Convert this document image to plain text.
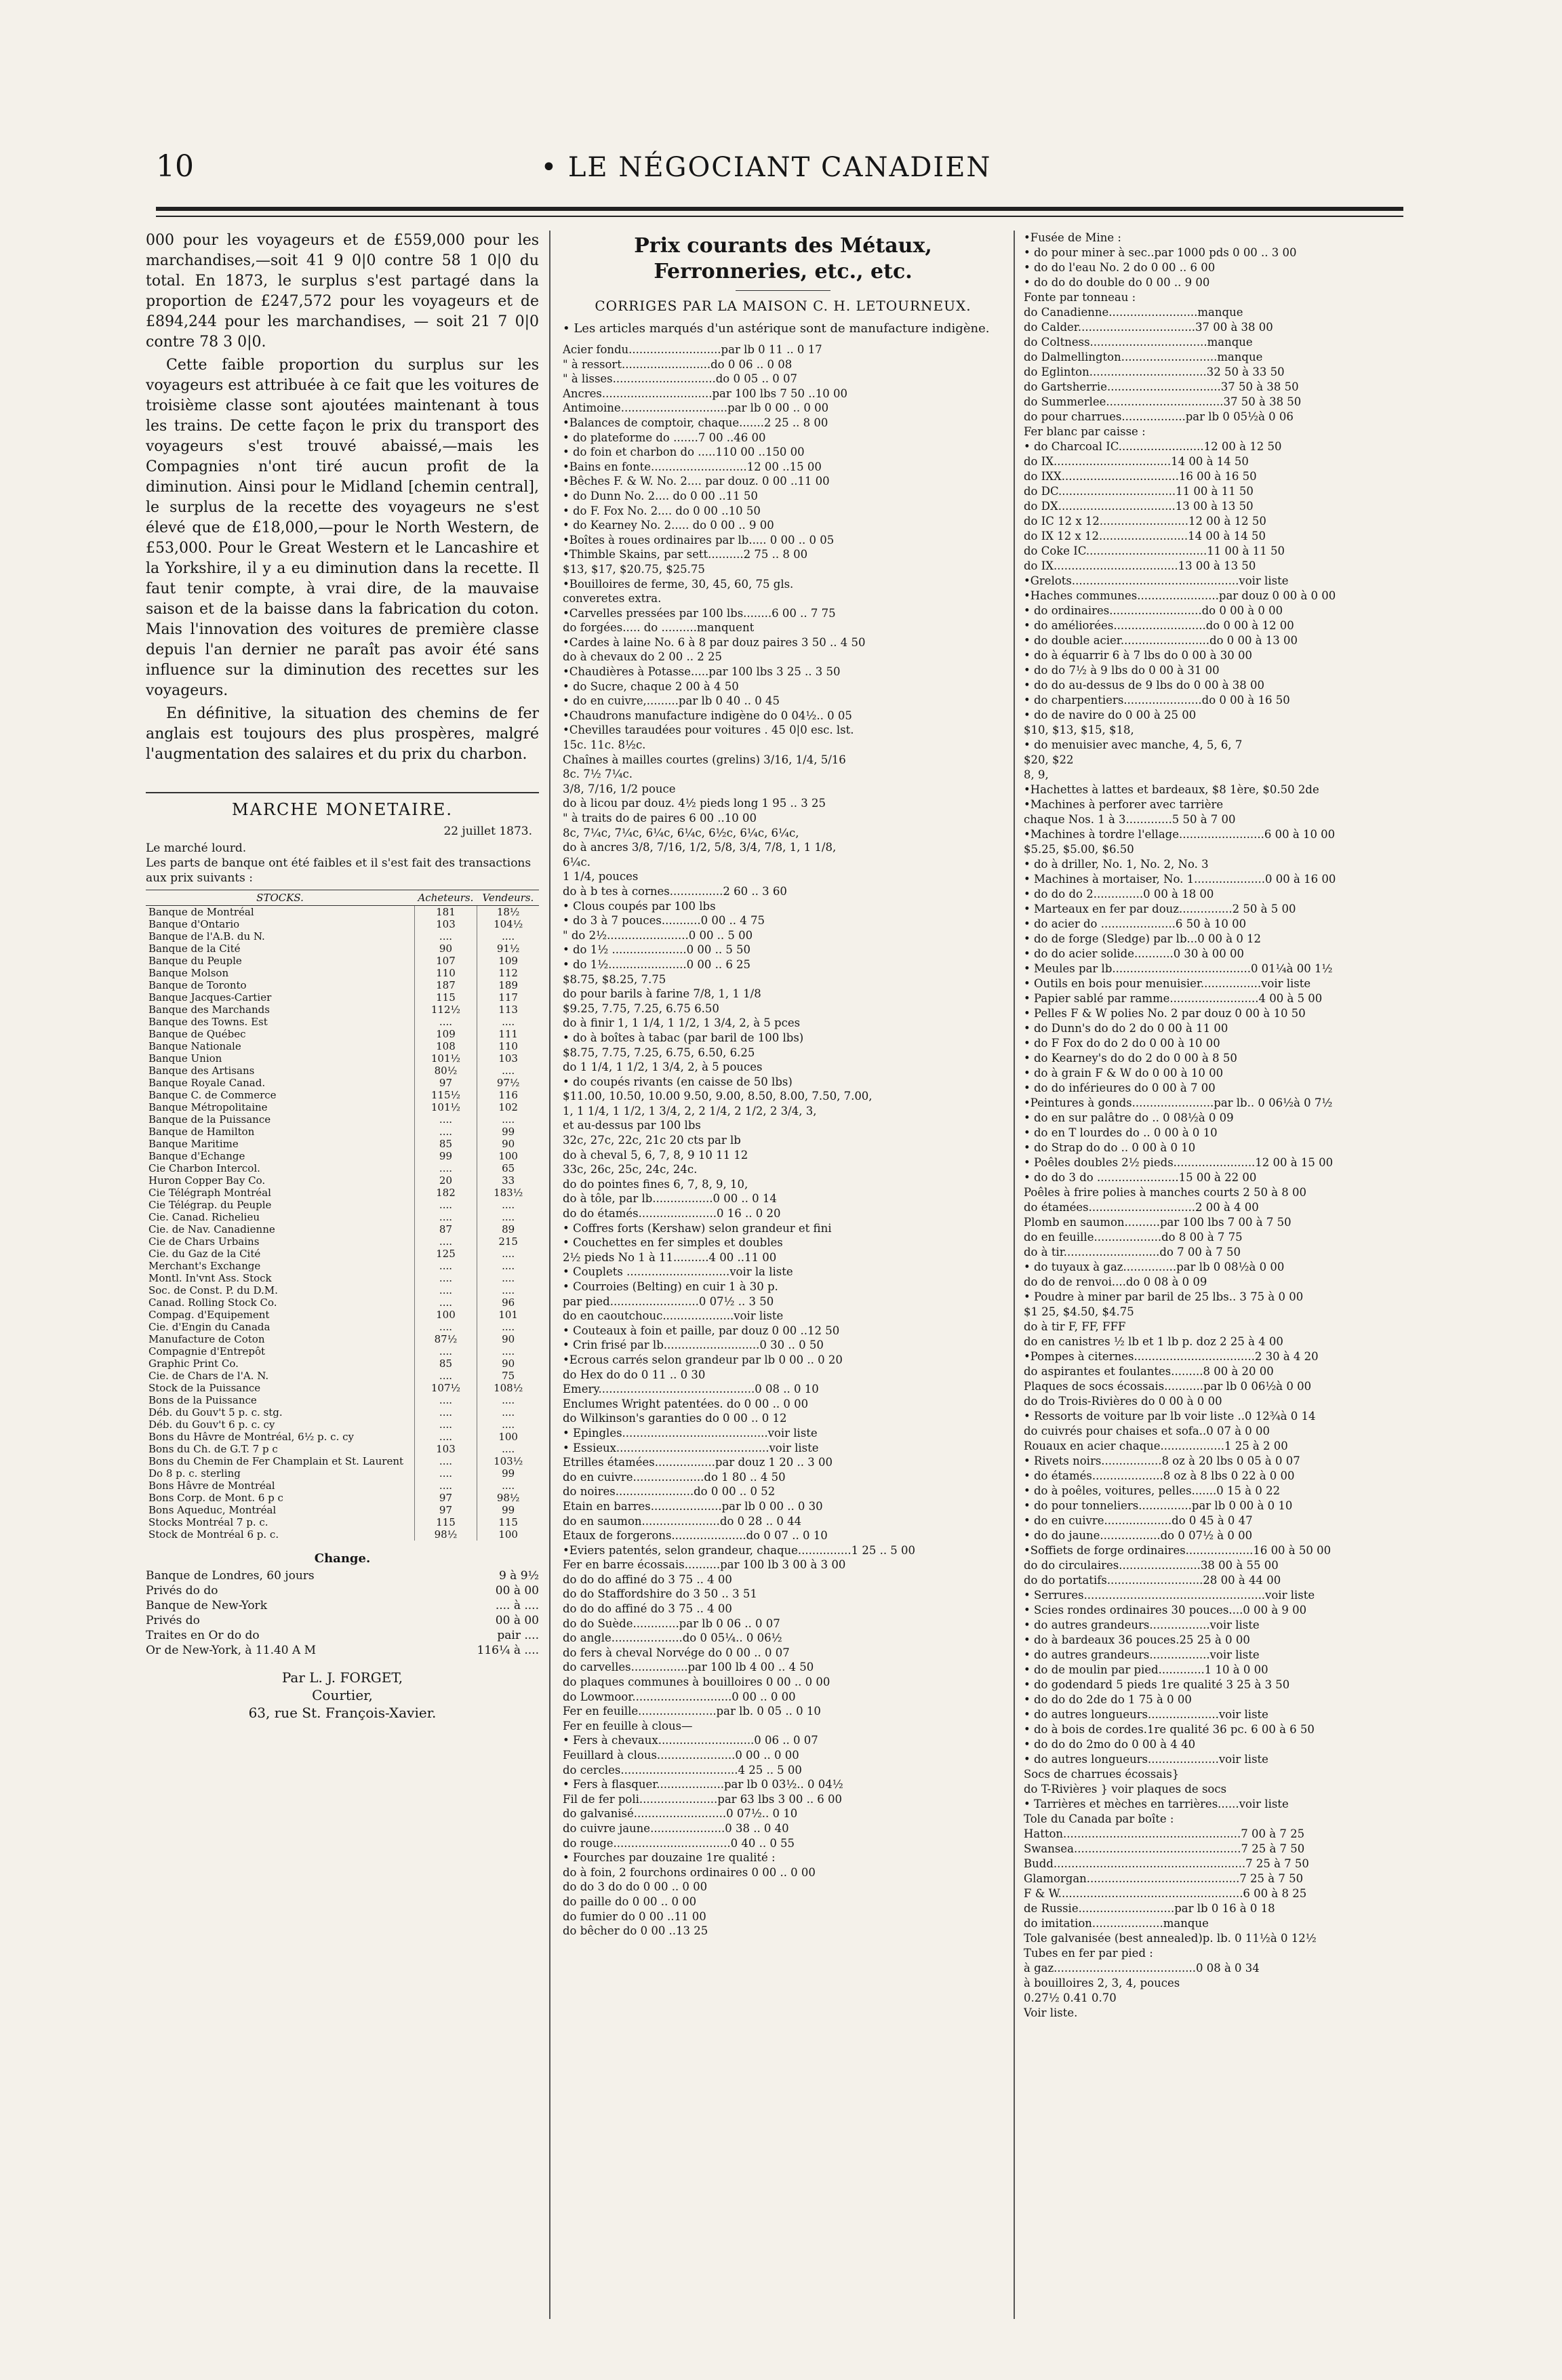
10	• LE NÉGOCIANT CANADIEN

000 pour les voyageurs et de £559,000 pour les marchandises,—soit 41 9 0|0 contre 58 1 0|0 du total. En 1873, le surplus s'est partagé dans la proportion de £247,572 pour les voyageurs et de £894,244 pour les marchandises, — soit 21 7 0|0 contre 78 3 0|0.

Cette faible proportion du surplus sur les voyageurs est attribuée à ce fait que les voitures de troisième classe sont ajoutées maintenant à tous les trains. De cette façon le prix du transport des voyageurs s'est trouvé abaissé,—mais les Compagnies n'ont tiré aucun profit de la diminution. Ainsi pour le Midland [chemin central], le surplus de la recette des voyageurs ne s'est élevé que de £18,000,—pour le North Western, de £53,000. Pour le Great Western et le Lancashire et la Yorkshire, il y a eu diminution dans la recette. Il faut tenir compte, à vrai dire, de la mauvaise saison et de la baisse dans la fabrication du coton. Mais l'innovation des voitures de première classe depuis l'an dernier ne paraît pas avoir été sans influence sur la diminution des recettes sur les voyageurs.

En définitive, la situation des chemins de fer anglais est toujours des plus prospères, malgré l'augmentation des salaires et du prix du charbon.

MARCHE MONETAIRE.
22 juillet 1873.
Le marché lourd.
Les parts de banque ont été faibles et il s'est fait des transactions aux prix suivants :
STOCKS.	Acheteurs.	Vendeurs.
Banque de Montréal	181	18½
Banque d'Ontario	103	104½
Banque de l'A.B. du N.	....	....
Banque de la Cité	90	91½
Banque du Peuple	107	109
Banque Molson	110	112
Banque de Toronto	187	189
Banque Jacques-Cartier	115	117
Banque des Marchands	112½	113
Banque des Towns. Est	....	....
Banque de Québec	109	111
Banque Nationale	108	110
Banque Union	101½	103
Banque des Artisans	80½	....
Banque Royale Canad.	97	97½
Banque C. de Commerce	115½	116
Banque Métropolitaine	101½	102
Banque de la Puissance	....	....
Banque de Hamilton	....	99
Banque Maritime	85	90
Banque d'Echange	99	100
Cie Charbon Intercol.	....	65
Huron Copper Bay Co.	20	33
Cie Télégraph Montréal	182	183½
Cie Télégrap. du Peuple	....	....
Cie. Canad. Richelieu	....	....
Cie. de Nav. Canadienne	87	89
Cie de Chars Urbains	....	215
Cie. du Gaz de la Cité	125	....
Merchant's Exchange	....	....
Montl. In'vnt Ass. Stock	....	....
Soc. de Const. P. du D.M.	....	....
Canad. Rolling Stock Co.	....	96
Compag. d'Equipement	100	101
Cie. d'Engin du Canada	....	....
Manufacture de Coton	87½	90
Compagnie d'Entrepôt	....	....
Graphic Print Co.	85	90
Cie. de Chars de l'A. N.	....	75
Stock de la Puissance	107½	108½
Bons de la Puissance	....	....
Déb. du Gouv't 5 p. c. stg.	....	....
Déb. du Gouv't 6 p. c. cy	....	....
Bons du Hâvre de Montréal, 6½ p. c. cy	....	100
Bons du Ch. de G.T. 7 p c	103	....
Bons du Chemin de Fer Champlain et St. Laurent	....	103½
Do 8 p. c. sterling	....	99
Bons Hâvre de Montréal	....	....
Bons Corp. de Mont. 6 p c	97	98½
Bons Aqueduc, Montréal	97	99
Stocks Montréal 7 p. c.	115	115
Stock de Montréal 6 p. c.	98½	100
Change.
Banque de Londres, 60 jours	9 à 9½
Privés do do	00 à 00
Banque de New-York	.... à ....
Privés do	00 à 00
Traites en Or do do	pair ....
Or de New-York, à 11.40 A M	116¼ à ....
Par L. J. FORGET,
Courtier,
63, rue St. François-Xavier.
Prix courants des Métaux, Ferronneries, etc., etc.
CORRIGES PAR LA MAISON C. H. LETOURNEUX.
• Les articles marqués d'un astérique sont de manufacture indigène.
Acier fondu..........................par lb 0 11 .. 0 17
" à ressort.........................do 0 06 .. 0 08
" à lisses.............................do 0 05 .. 0 07
Ancres...............................par 100 lbs 7 50 ..10 00
Antimoine..............................par lb 0 00 .. 0 00
•Balances de comptoir, chaque.......2 25 .. 8 00
• do plateforme do .......7 00 ..46 00
• do foin et charbon do .....110 00 ..150 00
•Bains en fonte...........................12 00 ..15 00
•Bêches F. & W. No. 2.... par douz. 0 00 ..11 00
• do Dunn No. 2.... do 0 00 ..11 50
• do F. Fox No. 2.... do 0 00 ..10 50
• do Kearney No. 2..... do 0 00 .. 9 00
•Boîtes à roues ordinaires par lb..... 0 00 .. 0 05
•Thimble Skains, par sett..........2 75 .. 8 00
$13, $17, $20.75, $25.75
•Bouilloires de ferme, 30, 45, 60, 75 gls.
converetes extra.
•Carvelles pressées par 100 lbs........6 00 .. 7 75
do forgées..... do ..........manquent
•Cardes à laine No. 6 à 8 par douz paires 3 50 .. 4 50
do à chevaux do 2 00 .. 2 25
•Chaudières à Potasse.....par 100 lbs 3 25 .. 3 50
• do Sucre, chaque 2 00 à 4 50
• do en cuivre,.........par lb 0 40 .. 0 45
•Chaudrons manufacture indigène do 0 04½.. 0 05
•Chevilles taraudées pour voitures . 45 0|0 esc. lst.
15c. 11c. 8½c.
Chaînes à mailles courtes (grelins) 3/16, 1/4, 5/16
8c. 7½ 7¼c.
3/8, 7/16, 1/2 pouce
do à licou par douz. 4½ pieds long 1 95 .. 3 25
" à traits do de paires 6 00 ..10 00
8c, 7¼c, 7¼c, 6¼c, 6¼c, 6½c, 6¼c, 6¼c,
do à ancres 3/8, 7/16, 1/2, 5/8, 3/4, 7/8, 1, 1 1/8,
6¼c.
1 1/4, pouces
do à b tes à cornes...............2 60 .. 3 60
• Clous coupés par 100 lbs
• do 3 à 7 pouces...........0 00 .. 4 75
" do 2½.......................0 00 .. 5 00
• do 1½ .....................0 00 .. 5 50
• do 1½......................0 00 .. 6 25
$8.75, $8.25, 7.75
do pour barils à farine 7/8, 1, 1 1/8
$9.25, 7.75, 7.25, 6.75 6.50
do à finir 1, 1 1/4, 1 1/2, 1 3/4, 2, à 5 pces
• do à boîtes à tabac (par baril de 100 lbs)
$8.75, 7.75, 7.25, 6.75, 6.50, 6.25
do 1 1/4, 1 1/2, 1 3/4, 2, à 5 pouces
• do coupés rivants (en caisse de 50 lbs)
$11.00, 10.50, 10.00 9.50, 9.00, 8.50, 8.00, 7.50, 7.00,
1, 1 1/4, 1 1/2, 1 3/4, 2, 2 1/4, 2 1/2, 2 3/4, 3,
et au-dessus par 100 lbs
32c, 27c, 22c, 21c 20 cts par lb
do à cheval 5, 6, 7, 8, 9 10 11 12
33c, 26c, 25c, 24c, 24c.
do do pointes fines 6, 7, 8, 9, 10,
do à tôle, par lb.................0 00 .. 0 14
do do étamés......................0 16 .. 0 20
• Coffres forts (Kershaw) selon grandeur et fini
• Couchettes en fer simples et doubles
2½ pieds No 1 à 11..........4 00 ..11 00
• Couplets .............................voir la liste
• Courroies (Belting) en cuir 1 à 30 p.
par pied.........................0 07½ .. 3 50
do en caoutchouc....................voir liste
• Couteaux à foin et paille, par douz 0 00 ..12 50
• Crin frisé par lb...........................0 30 .. 0 50
•Ecrous carrés selon grandeur par lb 0 00 .. 0 20
do Hex do do 0 11 .. 0 30
Emery............................................0 08 .. 0 10
Enclumes Wright patentées. do 0 00 .. 0 00
do Wilkinson's garanties do 0 00 .. 0 12
• Epingles.........................................voir liste
• Essieux...........................................voir liste
Etrilles étamées.................par douz 1 20 .. 3 00
do en cuivre....................do 1 80 .. 4 50
do noires......................do 0 00 .. 0 52
Etain en barres....................par lb 0 00 .. 0 30
do en saumon......................do 0 28 .. 0 44
Etaux de forgerons.....................do 0 07 .. 0 10
•Eviers patentés, selon grandeur, chaque...............1 25 .. 5 00
Fer en barre écossais..........par 100 lb 3 00 à 3 00
do do do affiné do 3 75 .. 4 00
do do Staffordshire do 3 50 .. 3 51
do do do affiné do 3 75 .. 4 00
do do Suède.............par lb 0 06 .. 0 07
do angle....................do 0 05¼.. 0 06½
do fers à cheval Norvége do 0 00 .. 0 07
do carvelles................par 100 lb 4 00 .. 4 50
do plaques communes à bouilloires 0 00 .. 0 00
do Lowmoor............................0 00 .. 0 00
Fer en feuille......................par lb. 0 05 .. 0 10
Fer en feuille à clous—
• Fers à chevaux...........................0 06 .. 0 07
Feuillard à clous......................0 00 .. 0 00
do cercles.................................4 25 .. 5 00
• Fers à flasquer...................par lb 0 03½.. 0 04½
Fil de fer poli......................par 63 lbs 3 00 .. 6 00
do galvanisé..........................0 07½.. 0 10
do cuivre jaune.....................0 38 .. 0 40
do rouge.................................0 40 .. 0 55
• Fourches par douzaine 1re qualité :
do à foin, 2 fourchons ordinaires 0 00 .. 0 00
do do 3 do do 0 00 .. 0 00
do paille do 0 00 .. 0 00
do fumier do 0 00 ..11 00
do bêcher do 0 00 ..13 25
•Fusée de Mine :
• do pour miner à sec..par 1000 pds 0 00 .. 3 00
• do do l'eau No. 2 do 0 00 .. 6 00
• do do do double do 0 00 .. 9 00
Fonte par tonneau :
do Canadienne.........................manque
do Calder.................................37 00 à 38 00
do Coltness.................................manque
do Dalmellington...........................manque
do Eglinton.................................32 50 à 33 50
do Gartsherrie................................37 50 à 38 50
do Summerlee.................................37 50 à 38 50
do pour charrues..................par lb 0 05½à 0 06
Fer blanc par caisse :
• do Charcoal IC........................12 00 à 12 50
do IX.................................14 00 à 14 50
do IXX.................................16 00 à 16 50
do DC.................................11 00 à 11 50
do DX.................................13 00 à 13 50
do IC 12 x 12.........................12 00 à 12 50
do IX 12 x 12.........................14 00 à 14 50
do Coke IC..................................11 00 à 11 50
do IX...................................13 00 à 13 50
•Grelots...............................................voir liste
•Haches communes.......................par douz 0 00 à 0 00
• do ordinaires..........................do 0 00 à 0 00
• do améliorées..........................do 0 00 à 12 00
• do double acier.........................do 0 00 à 13 00
• do à équarrir 6 à 7 lbs do 0 00 à 30 00
• do do 7½ à 9 lbs do 0 00 à 31 00
• do do au-dessus de 9 lbs do 0 00 à 38 00
• do charpentiers......................do 0 00 à 16 50
• do de navire do 0 00 à 25 00
$10, $13, $15, $18,
• do menuisier avec manche, 4, 5, 6, 7
$20, $22
8, 9,
•Hachettes à lattes et bardeaux, $8 1ère, $0.50 2de
•Machines à perforer avec tarrière
chaque Nos. 1 à 3.............5 50 à 7 00
•Machines à tordre l'ellage........................6 00 à 10 00
$5.25, $5.00, $6.50
• do à driller, No. 1, No. 2, No. 3
• Machines à mortaiser, No. 1....................0 00 à 16 00
• do do do 2..............0 00 à 18 00
• Marteaux en fer par douz...............2 50 à 5 00
• do acier do .....................6 50 à 10 00
• do de forge (Sledge) par lb...0 00 à 0 12
• do do acier solide...........0 30 à 00 00
• Meules par lb.......................................0 01¼à 00 1½
• Outils en bois pour menuisier.................voir liste
• Papier sablé par ramme.........................4 00 à 5 00
• Pelles F & W polies No. 2 par douz 0 00 à 10 50
• do Dunn's do do 2 do 0 00 à 11 00
• do F Fox do do 2 do 0 00 à 10 00
• do Kearney's do do 2 do 0 00 à 8 50
• do à grain F & W do 0 00 à 10 00
• do do inférieures do 0 00 à 7 00
•Peintures à gonds.......................par lb.. 0 06½à 0 7½
• do en sur palâtre do .. 0 08½à 0 09
• do en T lourdes do .. 0 00 à 0 10
• do Strap do do .. 0 00 à 0 10
• Poêles doubles 2½ pieds.......................12 00 à 15 00
• do do 3 do .......................15 00 à 22 00
Poêles à frire polies à manches courts 2 50 à 8 00
do étamées..............................2 00 à 4 00
Plomb en saumon..........par 100 lbs 7 00 à 7 50
do en feuille...................do 8 00 à 7 75
do à tir...........................do 7 00 à 7 50
• do tuyaux à gaz...............par lb 0 08½à 0 00
do do de renvoi....do 0 08 à 0 09
• Poudre à miner par baril de 25 lbs.. 3 75 à 0 00
$1 25, $4.50, $4.75
do à tir F, FF, FFF
do en canistres ½ lb et 1 lb p. doz 2 25 à 4 00
•Pompes à citernes..................................2 30 à 4 20
do aspirantes et foulantes.........8 00 à 20 00
Plaques de socs écossais...........par lb 0 06½à 0 00
do do Trois-Rivières do 0 00 à 0 00
• Ressorts de voiture par lb voir liste ..0 12¾à 0 14
do cuivrés pour chaises et sofa..0 07 à 0 00
Rouaux en acier chaque..................1 25 à 2 00
• Rivets noirs.................8 oz à 20 lbs 0 05 à 0 07
• do étamés....................8 oz à 8 lbs 0 22 à 0 00
• do à poêles, voitures, pelles.......0 15 à 0 22
• do pour tonneliers...............par lb 0 00 à 0 10
• do en cuivre...................do 0 45 à 0 47
• do do jaune.................do 0 07½ à 0 00
•Soffiets de forge ordinaires...................16 00 à 50 00
do do circulaires.......................38 00 à 55 00
do do portatifs...........................28 00 à 44 00
• Serrures...................................................voir liste
• Scies rondes ordinaires 30 pouces....0 00 à 9 00
• do autres grandeurs.................voir liste
• do à bardeaux 36 pouces.25 25 à 0 00
• do autres grandeurs.................voir liste
• do de moulin par pied.............1 10 à 0 00
• do godendard 5 pieds 1re qualité 3 25 à 3 50
• do do do 2de do 1 75 à 0 00
• do autres longueurs....................voir liste
• do à bois de cordes.1re qualité 36 pc. 6 00 à 6 50
• do do do 2mo do 0 00 à 4 40
• do autres longueurs....................voir liste
Socs de charrues écossais}
do T-Rivières } voir plaques de socs
• Tarrières et mèches en tarrières......voir liste
Tole du Canada par boîte :
Hatton..................................................7 00 à 7 25
Swansea...............................................7 25 à 7 50
Budd......................................................7 25 à 7 50
Glamorgan...........................................7 25 à 7 50
F & W....................................................6 00 à 8 25
de Russie...........................par lb 0 16 à 0 18
do imitation....................manque
Tole galvanisée (best annealed)p. lb. 0 11½à 0 12½
Tubes en fer par pied :
à gaz........................................0 08 à 0 34
à bouilloires 2, 3, 4, pouces
0.27½ 0.41 0.70
Voir liste.
